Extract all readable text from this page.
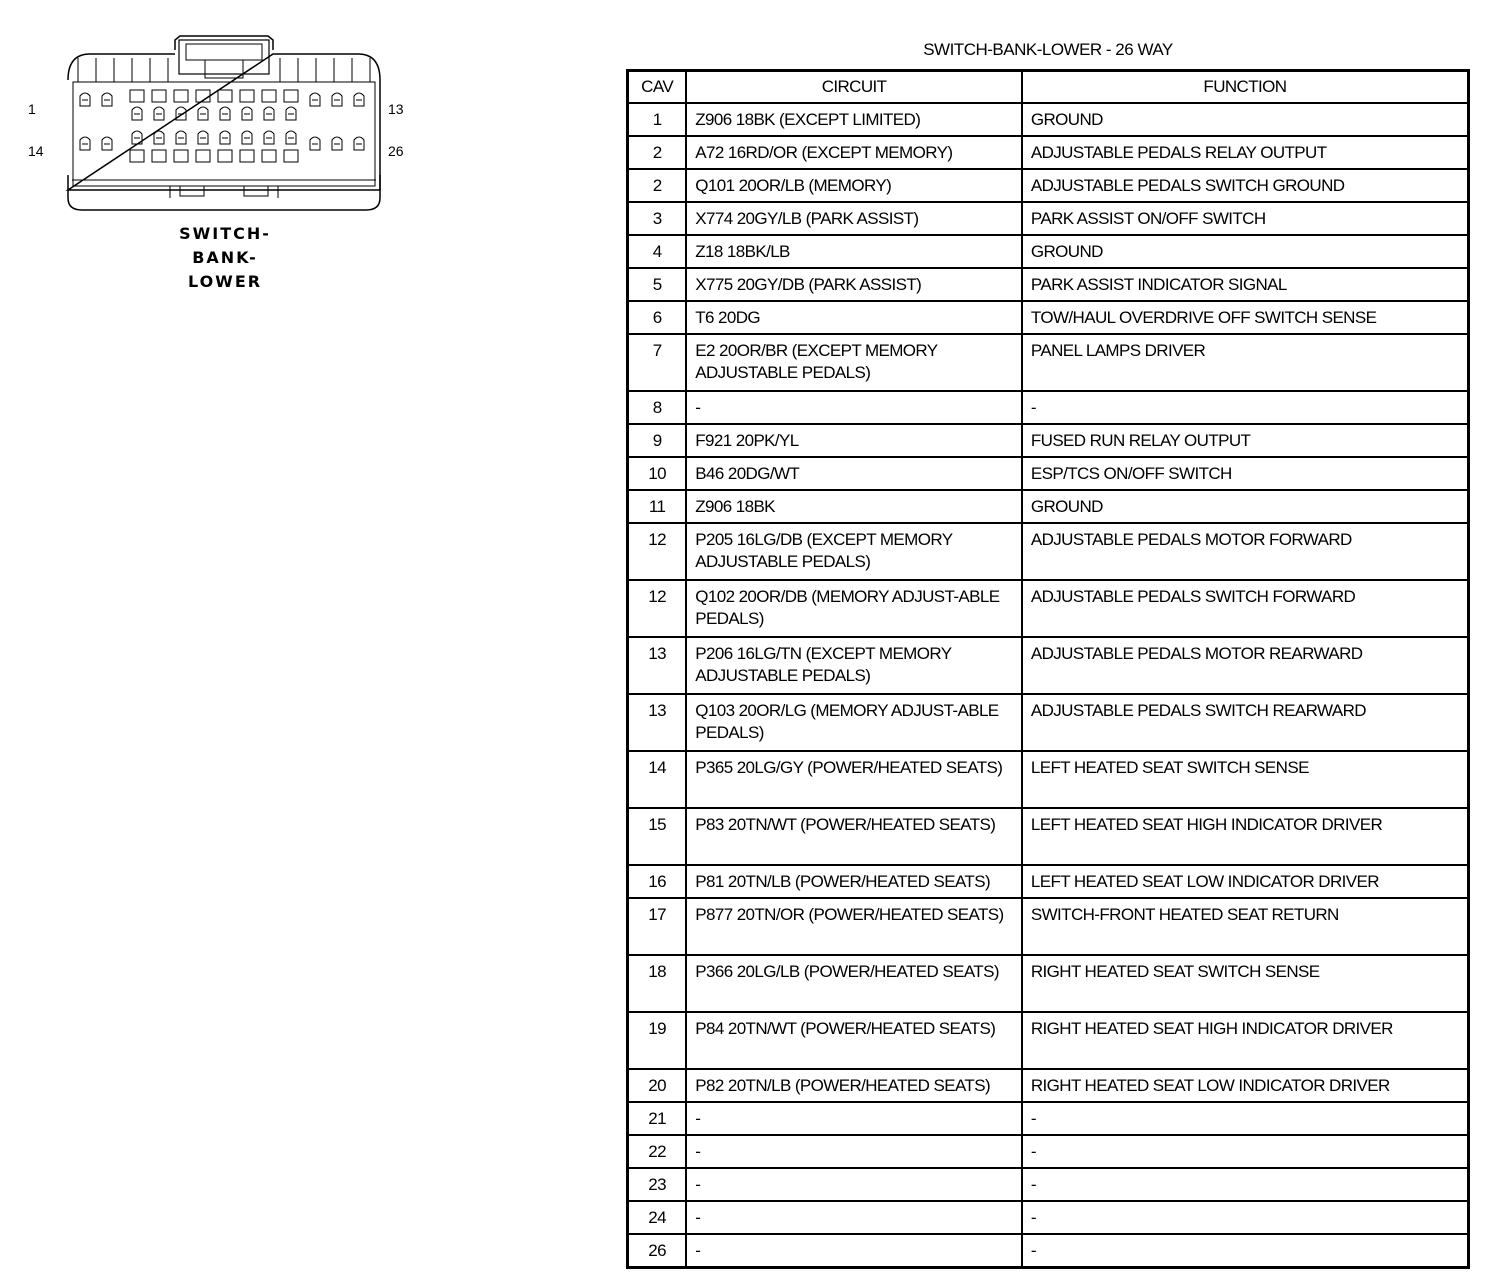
1	13
14	26
SWITCH-
BANK-
LOWER
SWITCH-BANK-LOWER - 26 WAY
CAV	CIRCUIT	FUNCTION
1	Z906 18BK (EXCEPT LIMITED)	GROUND
2	A72 16RD/OR (EXCEPT MEMORY)	ADJUSTABLE PEDALS RELAY OUTPUT
2	Q101 20OR/LB (MEMORY)	ADJUSTABLE PEDALS SWITCH GROUND
3	X774 20GY/LB (PARK ASSIST)	PARK ASSIST ON/OFF SWITCH
4	Z18 18BK/LB	GROUND
5	X775 20GY/DB (PARK ASSIST)	PARK ASSIST INDICATOR SIGNAL
6	T6 20DG	TOW/HAUL OVERDRIVE OFF SWITCH SENSE
7	E2 20OR/BR (EXCEPT MEMORY ADJUSTABLE PEDALS)	PANEL LAMPS DRIVER
8	-	-
9	F921 20PK/YL	FUSED RUN RELAY OUTPUT
10	B46 20DG/WT	ESP/TCS ON/OFF SWITCH
11	Z906 18BK	GROUND
12	P205 16LG/DB (EXCEPT MEMORY ADJUSTABLE PEDALS)	ADJUSTABLE PEDALS MOTOR FORWARD
12	Q102 20OR/DB (MEMORY ADJUST-ABLE PEDALS)	ADJUSTABLE PEDALS SWITCH FORWARD
13	P206 16LG/TN (EXCEPT MEMORY ADJUSTABLE PEDALS)	ADJUSTABLE PEDALS MOTOR REARWARD
13	Q103 20OR/LG (MEMORY ADJUST-ABLE PEDALS)	ADJUSTABLE PEDALS SWITCH REARWARD
14	P365 20LG/GY (POWER/HEATED SEATS)	LEFT HEATED SEAT SWITCH SENSE
15	P83 20TN/WT (POWER/HEATED SEATS)	LEFT HEATED SEAT HIGH INDICATOR DRIVER
16	P81 20TN/LB (POWER/HEATED SEATS)	LEFT HEATED SEAT LOW INDICATOR DRIVER
17	P877 20TN/OR (POWER/HEATED SEATS)	SWITCH-FRONT HEATED SEAT RETURN
18	P366 20LG/LB (POWER/HEATED SEATS)	RIGHT HEATED SEAT SWITCH SENSE
19	P84 20TN/WT (POWER/HEATED SEATS)	RIGHT HEATED SEAT HIGH INDICATOR DRIVER
20	P82 20TN/LB (POWER/HEATED SEATS)	RIGHT HEATED SEAT LOW INDICATOR DRIVER
21	-	-
22	-	-
23	-	-
24	-	-
26	-	-
